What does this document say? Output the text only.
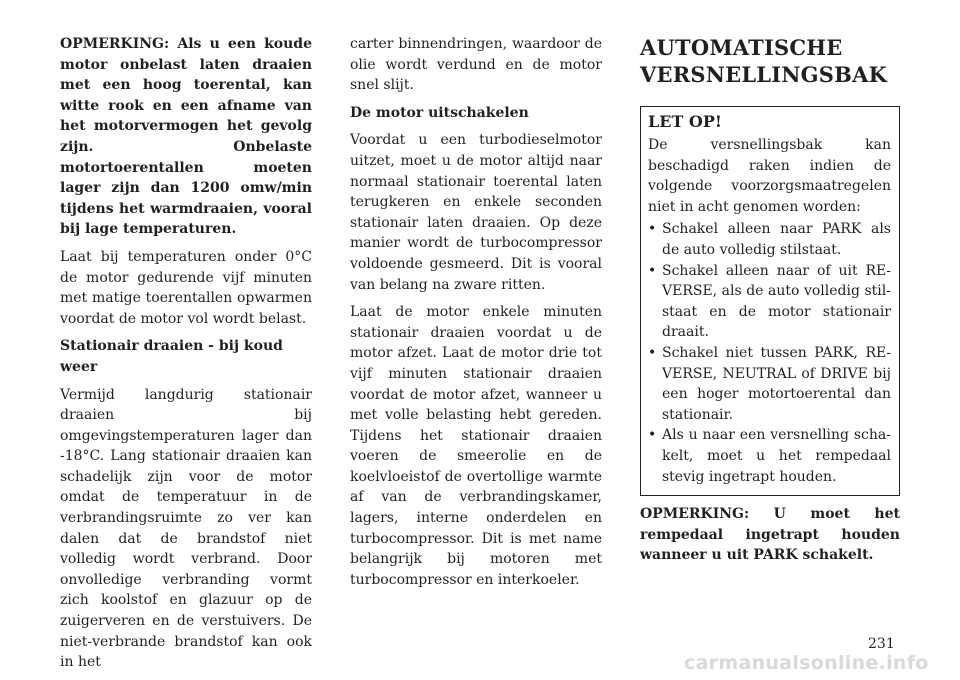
OPMERKING: Als u een koude motor onbelast laten draaien met een hoog toerental, kan witte rook en een afname van het motorvermogen het gevolg zijn. Onbelaste motortoerentallen moeten lager zijn dan 1200 omw/min tijdens het warmdraaien, vooral bij lage temperaturen.

Laat bij temperaturen onder 0°C de motor gedurende vijf minuten met matige toerentallen opwarmen voordat de motor vol wordt belast.

Stationair draaien - bij koud weer

Vermijd langdurig stationair draaien bij omgevingstemperaturen lager dan -18°C. Lang stationair draaien kan schadelijk zijn voor de motor omdat de temperatuur in de verbrandingsruimte zo ver kan dalen dat de brandstof niet volledig wordt verbrand. Door onvolledige verbranding vormt zich koolstof en glazuur op de zuigerveren en de verstuivers. De niet-verbrande brandstof kan ook in het

carter binnendringen, waardoor de olie wordt verdund en de motor snel slijt.

De motor uitschakelen

Voordat u een turbodieselmotor uitzet, moet u de motor altijd naar normaal stationair toerental laten terugkeren en enkele seconden stationair laten draaien. Op deze manier wordt de turbocompressor voldoende gesmeerd. Dit is vooral van belang na zware ritten.

Laat de motor enkele minuten stationair draaien voordat u de motor afzet. Laat de motor drie tot vijf minuten stationair draaien voordat de motor afzet, wanneer u met volle belasting hebt gereden. Tijdens het stationair draaien voeren de smeerolie en de koelvloeistof de overtollige warmte af van de verbrandingskamer, lagers, interne onderdelen en turbocompressor. Dit is met name belangrijk bij motoren met turbocompressor en interkoeler.

AUTOMATISCHE
VERSNELLINGSBAK
LET OP!

De versnellingsbak kan beschadigd raken indien de volgende voorzorgsmaatregelen niet in acht genomen worden:

• Schakel alleen naar PARK als de auto volledig stilstaat.
• Schakel alleen naar of uit REVERSE, als de auto volledig stilstaat en de motor stationair draait.
• Schakel niet tussen PARK, REVERSE, NEUTRAL of DRIVE bij een hoger motortoerental dan stationair.
• Als u naar een versnelling schakelt, moet u het rempedaal stevig ingetrapt houden.

OPMERKING: U moet het rempedaal ingetrapt houden wanneer u uit PARK schakelt.

231
carmanualsonline.info
